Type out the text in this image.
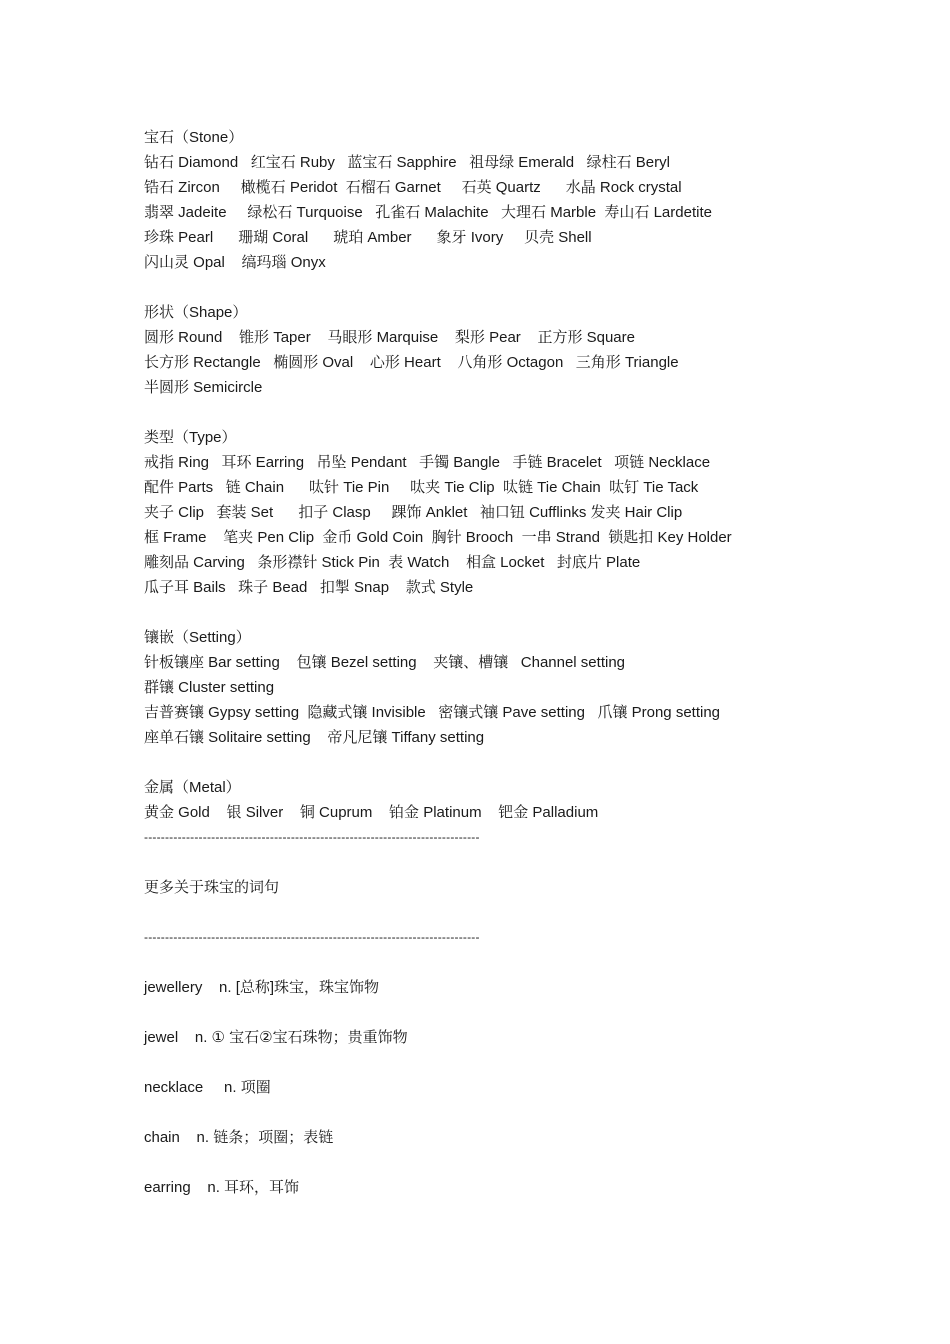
宝石（Stone）
钻石 Diamond   红宝石 Ruby   蓝宝石 Sapphire   祖母绿 Emerald   绿柱石 Beryl
锆石 Zircon     橄榄石 Peridot  石榴石 Garnet     石英 Quartz      水晶 Rock crystal
翡翠 Jadeite     绿松石 Turquoise   孔雀石 Malachite   大理石 Marble  寿山石 Lardetite
珍珠 Pearl      珊瑚 Coral      琥珀 Amber      象牙 Ivory     贝壳 Shell
闪山灵 Opal    缟玛瑙 Onyx
形状（Shape）
圆形 Round    锥形 Taper    马眼形 Marquise    梨形 Pear    正方形 Square
长方形 Rectangle   椭圆形 Oval    心形 Heart    八角形 Octagon   三角形 Triangle
半圆形 Semicircle
类型（Type）
戒指 Ring   耳环 Earring   吊坠 Pendant   手镯 Bangle   手链 Bracelet   项链 Necklace
配件 Parts   链 Chain      呔针 Tie Pin     呔夹 Tie Clip  呔链 Tie Chain  呔钉 Tie Tack
夹子 Clip   套装 Set      扣子 Clasp     踝饰 Anklet   袖口钮 Cufflinks 发夹 Hair Clip
框 Frame    笔夹 Pen Clip  金币 Gold Coin  胸针 Brooch  一串 Strand  锁匙扣 Key Holder
雕刻品 Carving   条形襟针 Stick Pin  表 Watch    相盒 Locket   封底片 Plate
瓜子耳 Bails   珠子 Bead   扣掣 Snap    款式 Style
镶嵌（Setting）
针板镶座 Bar setting    包镶 Bezel setting    夹镶、槽镶   Channel setting
群镶 Cluster setting
吉普赛镶 Gypsy setting  隐藏式镶 Invisible   密镶式镶 Pave setting   爪镶 Prong setting
座单石镶 Solitaire setting    帝凡尼镶 Tiffany setting
金属（Metal）
黄金 Gold    银 Silver    铜 Cuprum    铂金 Platinum    钯金 Palladium
--------------------------------------------------------------------------------
更多关于珠宝的词句
--------------------------------------------------------------------------------
jewellery    n. [总称]珠宝，珠宝饰物
jewel    n. ① 宝石②宝石珠物；贵重饰物
necklace     n. 项圈
chain    n. 链条；项圈；表链
earring    n. 耳环，耳饰
